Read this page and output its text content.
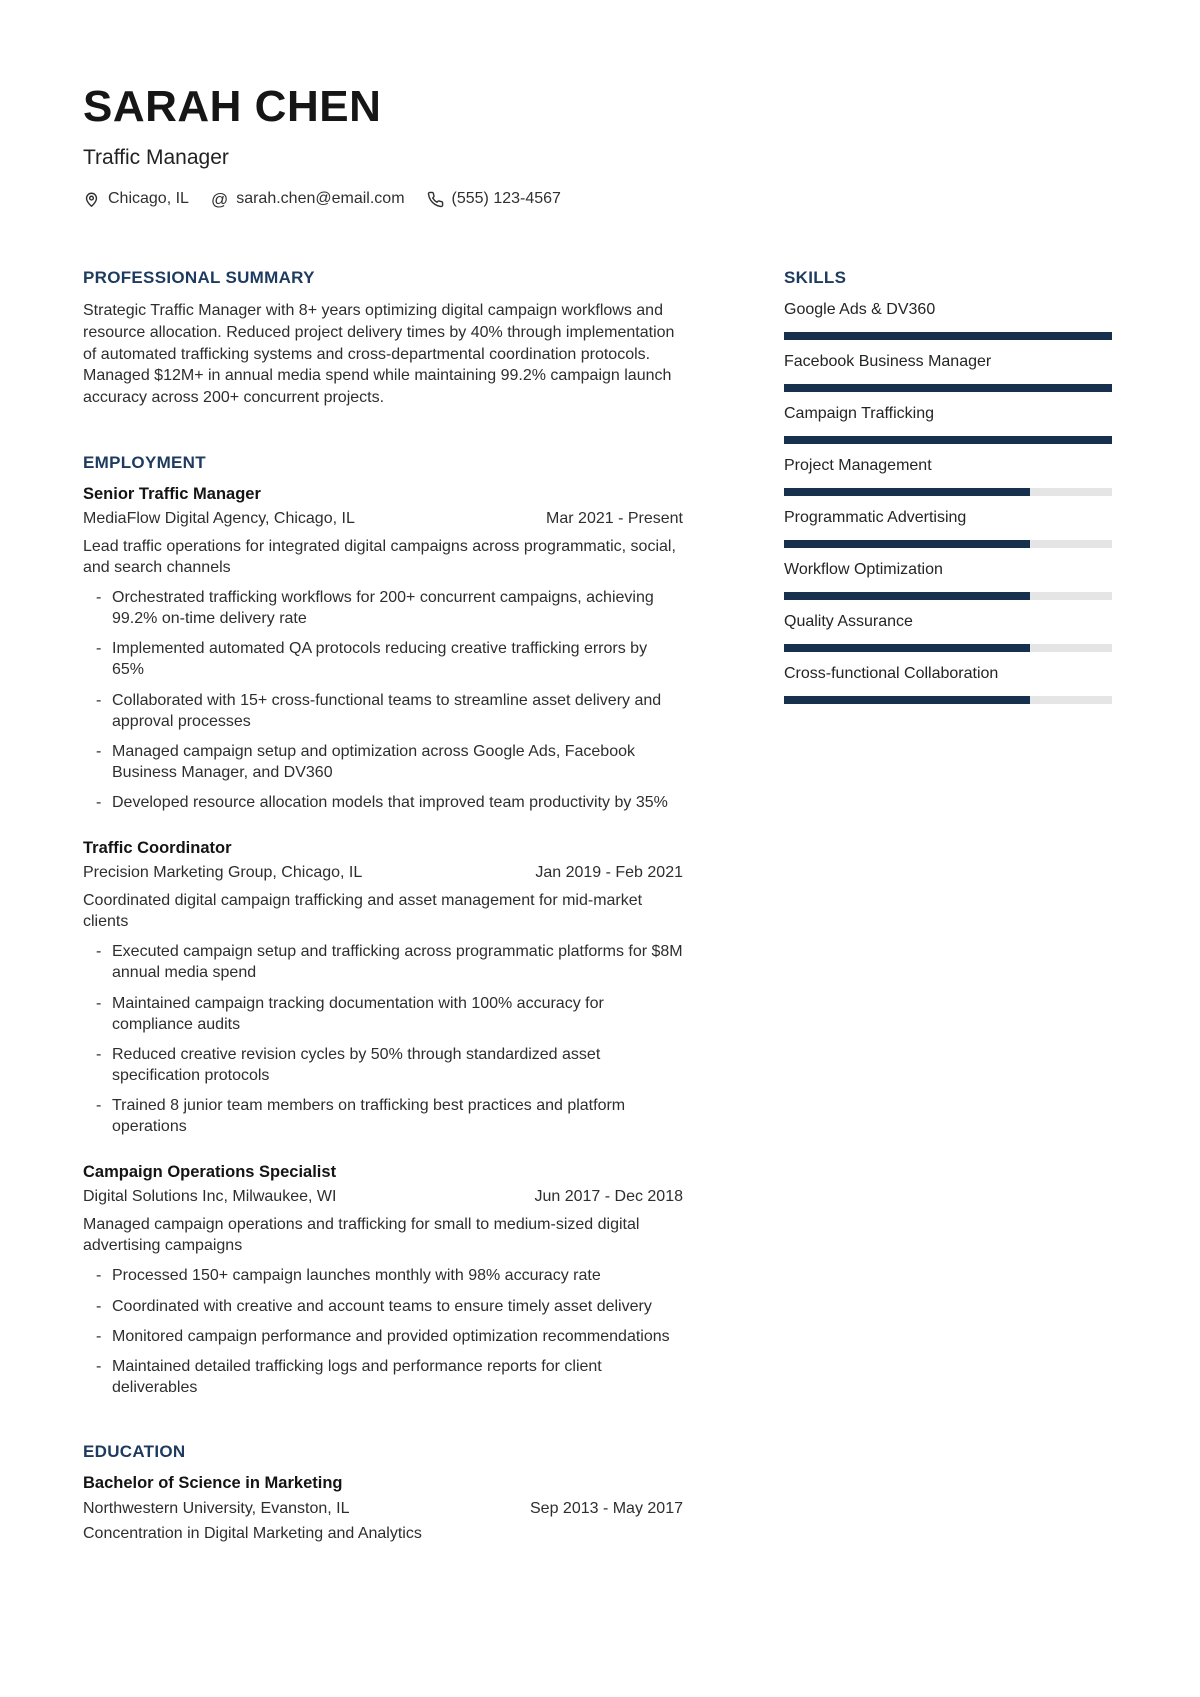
SARAH CHEN
Traffic Manager
Chicago, IL @ sarah.chen@email.com	(555) 123-4567
PROFESSIONAL SUMMARY

Strategic Traffic Manager with 8+ years optimizing digital campaign workflows and resource allocation. Reduced project delivery times by 40% through implementation of automated trafficking systems and cross-departmental coordination protocols. Managed $12M+ in annual media spend while maintaining 99.2% campaign launch accuracy across 200+ concurrent projects.

EMPLOYMENT
Senior Traffic Manager
MediaFlow Digital Agency, Chicago, IL	Mar 2021 - Present
Lead traffic operations for integrated digital campaigns across programmatic, social, and search channels
- Orchestrated trafficking workflows for 200+ concurrent campaigns, achieving 99.2% on-time delivery rate
- Implemented automated QA protocols reducing creative trafficking errors by 65%
- Collaborated with 15+ cross-functional teams to streamline asset delivery and approval processes
- Managed campaign setup and optimization across Google Ads, Facebook Business Manager, and DV360
- Developed resource allocation models that improved team productivity by 35%
Traffic Coordinator
Precision Marketing Group, Chicago, IL	Jan 2019 - Feb 2021
Coordinated digital campaign trafficking and asset management for mid-market clients
- Executed campaign setup and trafficking across programmatic platforms for $8M annual media spend
- Maintained campaign tracking documentation with 100% accuracy for compliance audits
- Reduced creative revision cycles by 50% through standardized asset specification protocols
- Trained 8 junior team members on trafficking best practices and platform operations
Campaign Operations Specialist
Digital Solutions Inc, Milwaukee, WI	Jun 2017 - Dec 2018
Managed campaign operations and trafficking for small to medium-sized digital advertising campaigns
- Processed 150+ campaign launches monthly with 98% accuracy rate
- Coordinated with creative and account teams to ensure timely asset delivery
- Monitored campaign performance and provided optimization recommendations
- Maintained detailed trafficking logs and performance reports for client deliverables
EDUCATION
Bachelor of Science in Marketing
Northwestern University, Evanston, IL	Sep 2013 - May 2017
Concentration in Digital Marketing and Analytics
SKILLS
Google Ads & DV360
Facebook Business Manager
Campaign Trafficking
Project Management
Programmatic Advertising
Workflow Optimization
Quality Assurance
Cross-functional Collaboration
